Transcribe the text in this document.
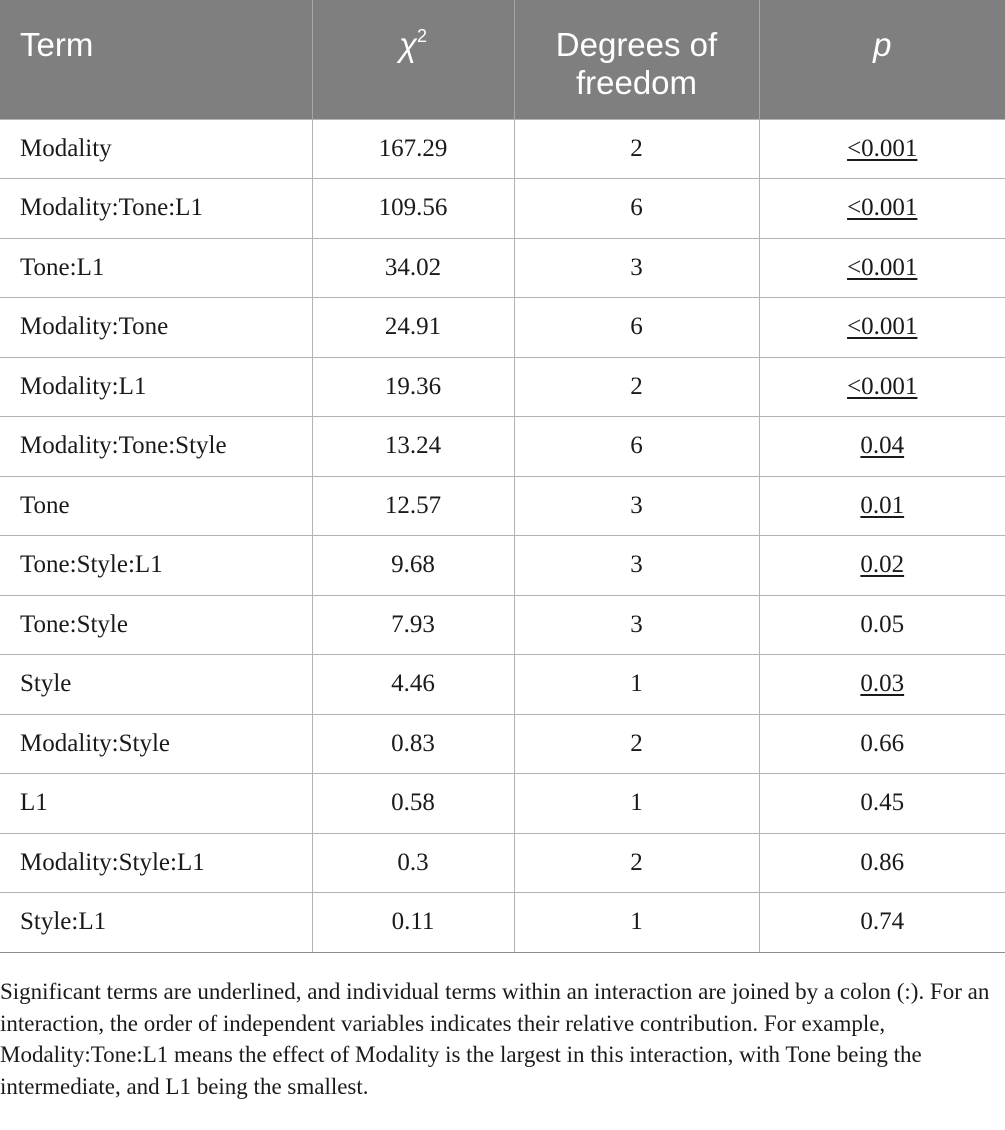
Term	$\chi^2$	Degrees of freedom	p
Modality	167.29	2	<0.001
Modality:Tone:L1	109.56	6	<0.001
Tone:L1	34.02	3	<0.001
Modality:Tone	24.91	6	<0.001
Modality:L1	19.36	2	<0.001
Modality:Tone:Style	13.24	6	0.04
Tone	12.57	3	0.01
Tone:Style:L1	9.68	3	0.02
Tone:Style	7.93	3	0.05
Style	4.46	1	0.03
Modality:Style	0.83	2	0.66
L1	0.58	1	0.45
Modality:Style:L1	0.3	2	0.86
Style:L1	0.11	1	0.74

Significant terms are underlined, and individual terms within an interaction are joined by a colon (:). For an interaction, the order of independent variables indicates their relative contribution. For example, Modality:Tone:L1 means the effect of Modality is the largest in this interaction, with Tone being the intermediate, and L1 being the smallest.
